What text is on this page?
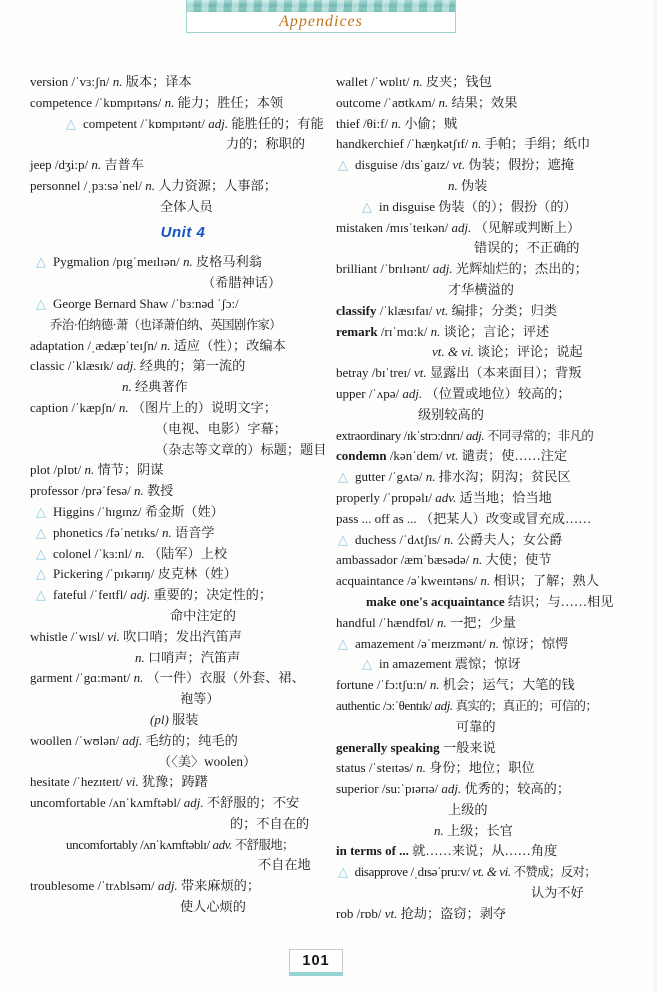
Appendices
version /ˈvɜ:ʃn/ n. 版本；译本
competence /ˈkɒmpɪtəns/ n. 能力；胜任；本领
△ competent /ˈkɒmpɪtənt/ adj. 能胜任的；有能
力的；称职的
jeep /dʒi:p/ n. 吉普车
personnel /ˌpɜ:səˈnel/ n. 人力资源；人事部；
全体人员
Unit 4
△ Pygmalion /pɪgˈmeɪlɪən/ n. 皮格马利翁
（希腊神话）
△ George Bernard Shaw /ˈbɜ:nəd ˈʃɔ:/
乔治·伯纳德·萧（也译萧伯纳、英国剧作家）
adaptation /ˌædæpˈteɪʃn/ n. 适应（性）；改编本
classic /ˈklæsɪk/ adj. 经典的；第一流的
n. 经典著作
caption /ˈkæpʃn/ n. （图片上的）说明文字；
（电视、电影）字幕；
（杂志等文章的）标题；题目
plot /plɒt/ n. 情节；阴谋
professor /prəˈfesə/ n. 教授
△ Higgins /ˈhɪgɪnz/ 希金斯（姓）
△ phonetics /fəˈnetɪks/ n. 语音学
△ colonel /ˈkɜ:nl/ n. （陆军）上校
△ Pickering /ˈpɪkərɪŋ/ 皮克林（姓）
△ fateful /ˈfeɪtfl/ adj. 重要的；决定性的；
命中注定的
whistle /ˈwɪsl/ vi. 吹口哨；发出汽笛声
n. 口哨声；汽笛声
garment /ˈgɑ:mənt/ n. （一件）衣服（外套、裙、
袍等）
(pl) 服装
woollen /ˈwʊlən/ adj. 毛纺的；纯毛的
（〈美〉woolen）
hesitate /ˈhezɪteɪt/ vi. 犹豫；踌躇
uncomfortable /ʌnˈkʌmftəbl/ adj. 不舒服的；不安
的；不自在的
uncomfortably /ʌnˈkʌmftəblɪ/ adv. 不舒服地；
不自在地
troublesome /ˈtrʌblsəm/ adj. 带来麻烦的；
使人心烦的
wallet /ˈwɒlɪt/ n. 皮夹；钱包
outcome /ˈaʊtkʌm/ n. 结果；效果
thief /θi:f/ n. 小偷；贼
handkerchief /ˈhæŋkətʃɪf/ n. 手帕；手绢；纸巾
△ disguise /dɪsˈgaɪz/ vt. 伪装；假扮；遮掩
n. 伪装
△ in disguise 伪装（的）；假扮（的）
mistaken /mɪsˈteɪkən/ adj. （见解或判断上）
错误的；不正确的
brilliant /ˈbrɪlɪənt/ adj. 光辉灿烂的；杰出的；
才华横溢的
classify /ˈklæsɪfaɪ/ vt. 编排；分类；归类
remark /rɪˈmɑ:k/ n. 谈论；言论；评述
vt. & vi. 谈论；评论；说起
betray /bɪˈtreɪ/ vt. 显露出（本来面目）；背叛
upper /ˈʌpə/ adj. （位置或地位）较高的；
级别较高的
extraordinary /ɪkˈstrɔ:dnrɪ/ adj. 不同寻常的；非凡的
condemn /kənˈdem/ vt. 谴责；使……注定
△ gutter /ˈgʌtə/ n. 排水沟；阴沟；贫民区
properly /ˈprɒpəlɪ/ adv. 适当地；恰当地
pass ... off as ... （把某人）改变或冒充成……
△ duchess /ˈdʌtʃɪs/ n. 公爵夫人；女公爵
ambassador /æmˈbæsədə/ n. 大使；使节
acquaintance /əˈkweɪntəns/ n. 相识；了解；熟人
make one's acquaintance 结识；与……相见
handful /ˈhændfʊl/ n. 一把；少量
△ amazement /əˈmeɪzmənt/ n. 惊讶；惊愕
△ in amazement 震惊；惊讶
fortune /ˈfɔ:tʃu:n/ n. 机会；运气；大笔的钱
authentic /ɔ:ˈθentɪk/ adj. 真实的；真正的；可信的；
可靠的
generally speaking 一般来说
status /ˈsteɪtəs/ n. 身份；地位；职位
superior /su:ˈpɪərɪə/ adj. 优秀的；较高的；
上级的
n. 上级；长官
in terms of ... 就……来说；从……角度
△ disapprove /ˌdɪsəˈpru:v/ vt. & vi. 不赞成；反对；
认为不好
rob /rɒb/ vt. 抢劫；盗窃；剥夺
101
